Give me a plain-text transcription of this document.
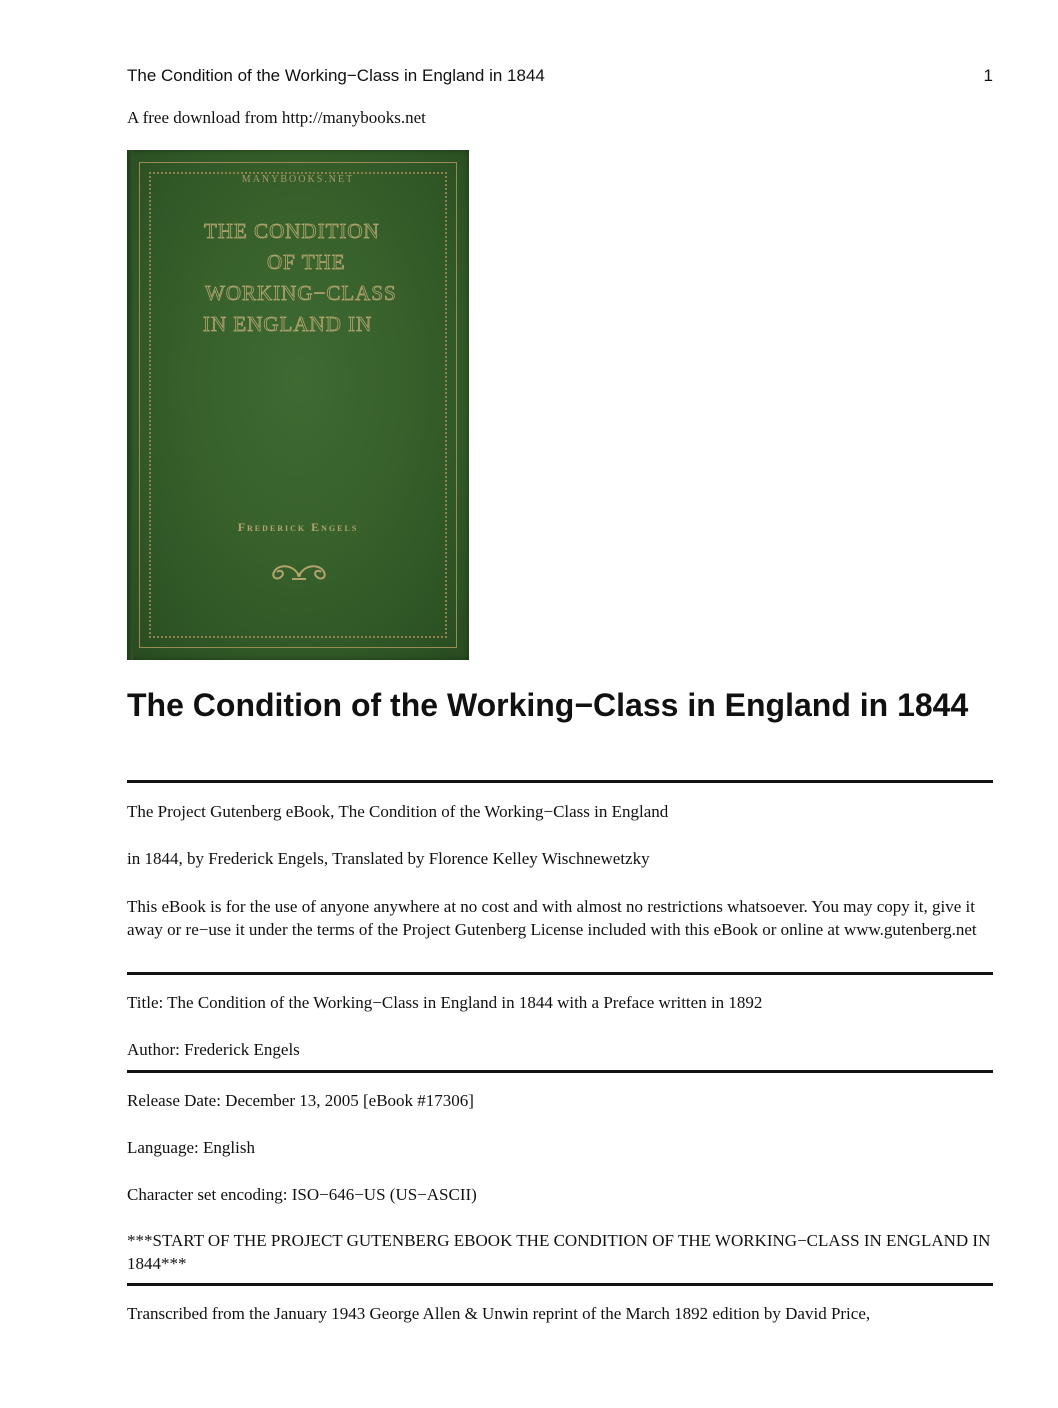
The Condition of the Working−Class in England in 1844	1

A free download from http://manybooks.net

MANYBOOKS.NET
THE CONDITION
OF THE
WORKING−CLASS
IN ENGLAND IN
Frederick Engels
The Condition of the Working−Class in England in 1844

The Project Gutenberg eBook, The Condition of the Working−Class in England

in 1844, by Frederick Engels, Translated by Florence Kelley Wischnewetzky

This eBook is for the use of anyone anywhere at no cost and with almost no restrictions whatsoever. You may copy it, give it away or re−use it under the terms of the Project Gutenberg License included with this eBook or online at www.gutenberg.net

Title: The Condition of the Working−Class in England in 1844 with a Preface written in 1892

Author: Frederick Engels

Release Date: December 13, 2005 [eBook #17306]

Language: English

Character set encoding: ISO−646−US (US−ASCII)

***START OF THE PROJECT GUTENBERG EBOOK THE CONDITION OF THE WORKING−CLASS IN ENGLAND IN 1844***

Transcribed from the January 1943 George Allen & Unwin reprint of the March 1892 edition by David Price,
